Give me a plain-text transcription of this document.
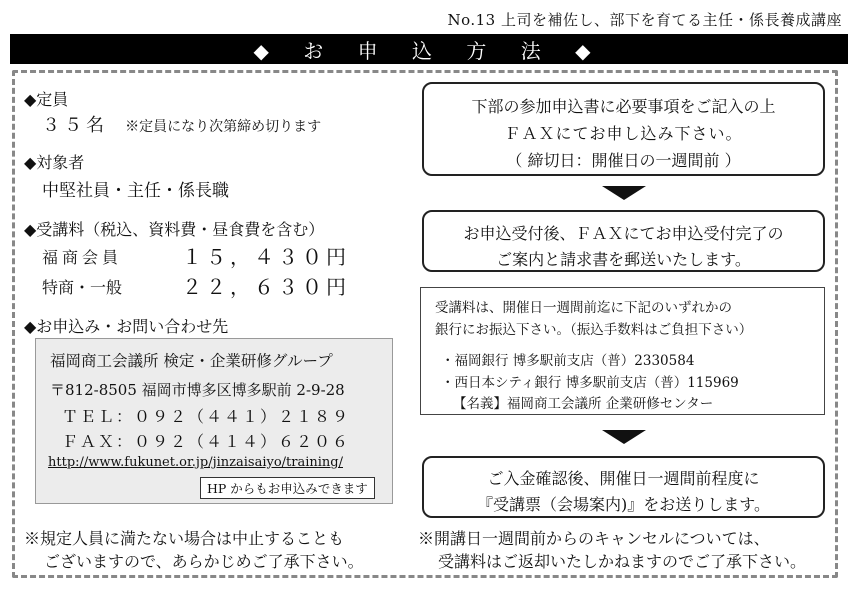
No.13 上司を補佐し、部下を育てる主任・係長養成講座
◆ お 申 込 方 法 ◆
◆定員
３５名 ※定員になり次第締め切ります
◆対象者
中堅社員・主任・係長職
◆受講料（税込、資料費・昼食費を含む）
福商会員	１５，４３０円
特商・一般	２２，６３０円
◆お申込み・お問い合わせ先
福岡商工会議所 検定・企業研修グループ
〒812-8505 福岡市博多区博多駅前 2-9-28
ＴＥＬ：０９２（４４１）２１８９
ＦＡＸ：０９２（４１４）６２０６
http://www.fukunet.or.jp/jinzaisaiyo/training/
HP からもお申込みできます
※規定人員に満たない場合は中止することも
ございますので、あらかじめご了承下さい。
下部の参加申込書に必要事項をご記入の上
ＦＡＸにてお申し込み下さい。
（ 締切日：開催日の一週間前 ）
お申込受付後、ＦＡＸにてお申込受付完了の
ご案内と請求書を郵送いたします。
受講料は、開催日一週間前迄に下記のいずれかの
銀行にお振込下さい。（振込手数料はご負担下さい）
・福岡銀行 博多駅前支店（普）2330584
・西日本シティ銀行 博多駅前支店（普）115969
【名義】福岡商工会議所 企業研修センター
ご入金確認後、開催日一週間前程度に
『受講票（会場案内)』をお送りします。
※開講日一週間前からのキャンセルについては、
受講料はご返却いたしかねますのでご了承下さい。
